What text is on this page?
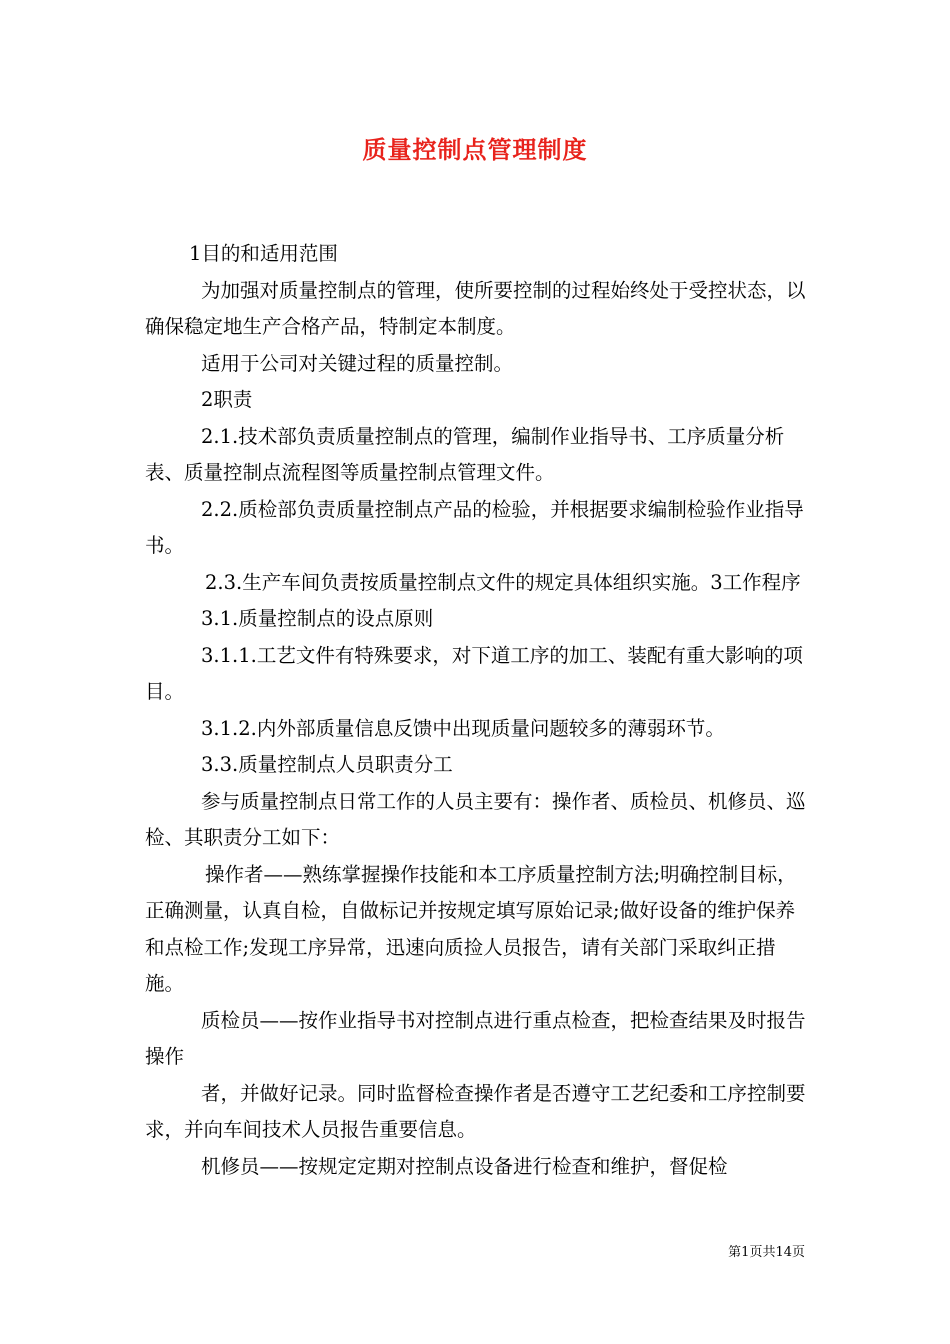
质量控制点管理制度

1目的和适用范围

为加强对质量控制点的管理，使所要控制的过程始终处于受控状态，以确保稳定地生产合格产品，特制定本制度。

适用于公司对关键过程的质量控制。

2职责

2.1.技术部负责质量控制点的管理，编制作业指导书、工序质量分析表、质量控制点流程图等质量控制点管理文件。

2.2.质检部负责质量控制点产品的检验，并根据要求编制检验作业指导书。

2.3.生产车间负责按质量控制点文件的规定具体组织实施。3工作程序

3.1.质量控制点的设点原则

3.1.1.工艺文件有特殊要求，对下道工序的加工、装配有重大影响的项目。

3.1.2.内外部质量信息反馈中出现质量问题较多的薄弱环节。

3.3.质量控制点人员职责分工

参与质量控制点日常工作的人员主要有：操作者、质检员、机修员、巡检、其职责分工如下：

操作者——熟练掌握操作技能和本工序质量控制方法;明确控制目标，正确测量，认真自检，自做标记并按规定填写原始记录;做好设备的维护保养和点检工作;发现工序异常，迅速向质捡人员报告，请有关部门采取纠正措施。

质检员——按作业指导书对控制点进行重点检查，把检查结果及时报告操作

者，并做好记录。同时监督检查操作者是否遵守工艺纪委和工序控制要求，并向车间技术人员报告重要信息。

机修员——按规定定期对控制点设备进行检查和维护，督促检

第1页共14页
